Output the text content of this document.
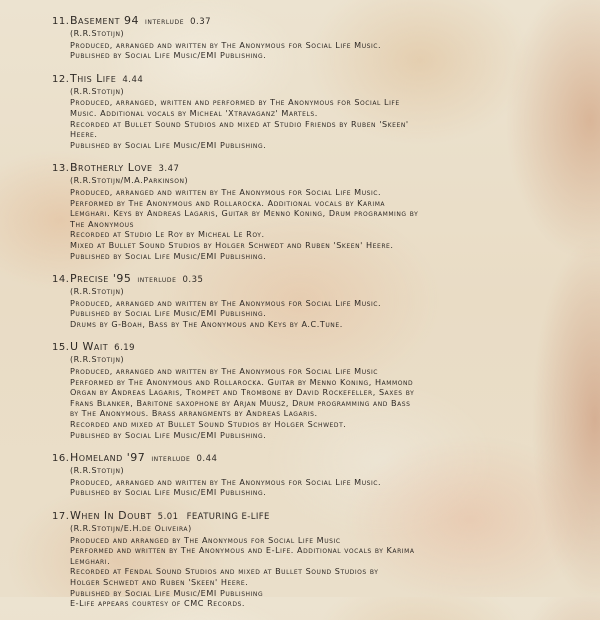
11. Basement 94 interlude 0.37
(R.R.Stotijn)
Produced, arranged and written by The Anonymous for Social Life Music.
Published by Social Life Music/EMI Publishing.
12. This Life 4.44
(R.R.Stotijn)
Produced, arranged, written and performed by The Anonymous for Social Life
Music. Additional vocals by Micheal 'Xtravaganz' Martels.
Recorded at Bullet Sound Studios and mixed at Studio Friends by Ruben 'Skeen'
Heere.
Published by Social Life Music/EMI Publishing.
13. Brotherly Love 3.47
(R.R.Stotijn/M.A.Parkinson)
Produced, arranged and written by The Anonymous for Social Life Music.
Performed by The Anonymous and Rollarocka. Additional vocals by Karima
Lemghari. Keys by Andreas Lagaris, Guitar by Menno Koning, Drum programming by
The Anonymous
Recorded at Studio Le Roy by Micheal Le Roy.
Mixed at Bullet Sound Studios by Holger Schwedt and Ruben 'Skeen' Heere.
Published by Social Life Music/EMI Publishing.
14. Precise '95 interlude 0.35
(R.R.Stotijn)
Produced, arranged and written by The Anonymous for Social Life Music.
Published by Social Life Music/EMI Publishing.
Drums by G-Boah, Bass by The Anonymous and Keys by A.C.Tune.
15. U Wait 6.19
(R.R.Stotijn)
Produced, arranged and written by The Anonymous for Social Life Music
Performed by The Anonymous and Rollarocka. Guitar by Menno Koning, Hammond
Organ by Andreas Lagaris, Trompet and Trombone by David Rockefeller, Saxes by
Frans Blanker, Baritone saxophone by Arjan Muusz, Drum programming and Bass
by The Anonymous. Brass arrangments by Andreas Lagaris.
Recorded and mixed at Bullet Sound Studios by Holger Schwedt.
Published by Social Life Music/EMI Publishing.
16. Homeland '97 interlude 0.44
(R.R.Stotijn)
Produced, arranged and written by The Anonymous for Social Life Music.
Published by Social Life Music/EMI Publishing.
17. When In Doubt 5.01 FEATURING E-LIFE
(R.R.Stotijn/E.H.de Oliveira)
Produced and arranged by The Anonymous for Social Life Music
Performed and written by The Anonymous and E-Life. Additional vocals by Karima
Lemghari.
Recorded at Fendal Sound Studios and mixed at Bullet Sound Studios by
Holger Schwedt and Ruben 'Skeen' Heere.
Published by Social Life Music/EMI Publishing
E-Life appears courtesy of CMC Records.
